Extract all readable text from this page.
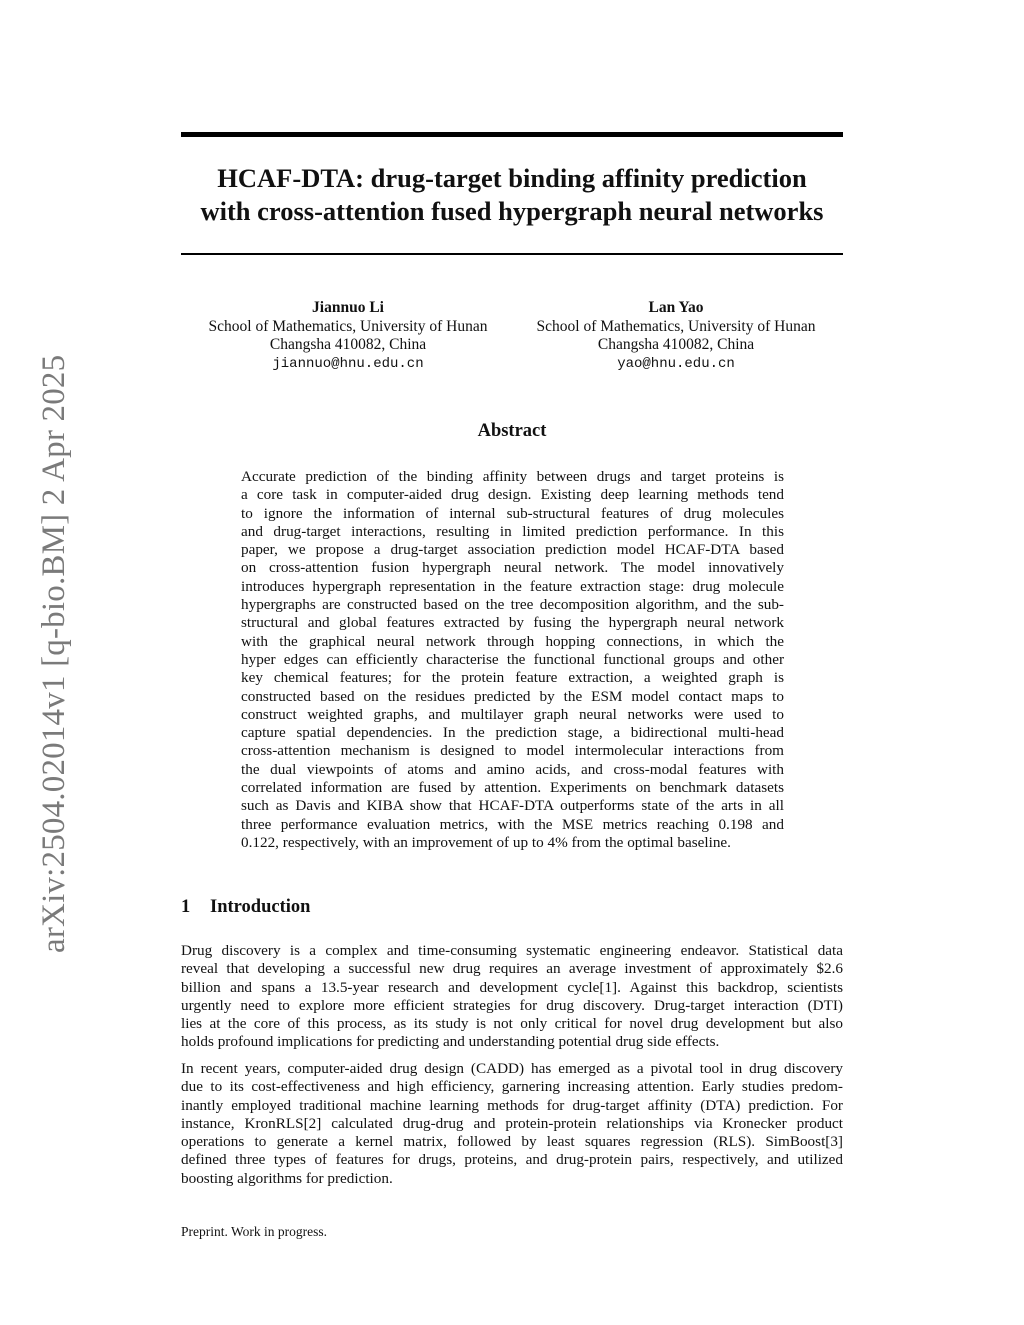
arXiv:2504.02014v1 [q-bio.BM] 2 Apr 2025
HCAF-DTA: drug-target binding affinity prediction
with cross-attention fused hypergraph neural networks
Jiannuo Li
School of Mathematics, University of Hunan
Changsha 410082, China
jiannuo@hnu.edu.cn
Lan Yao
School of Mathematics, University of Hunan
Changsha 410082, China
yao@hnu.edu.cn
Abstract
Accurate prediction of the binding affinity between drugs and target proteins is
a core task in computer-aided drug design. Existing deep learning methods tend
to ignore the information of internal sub-structural features of drug molecules
and drug-target interactions, resulting in limited prediction performance. In this
paper, we propose a drug-target association prediction model HCAF-DTA based
on cross-attention fusion hypergraph neural network. The model innovatively
introduces hypergraph representation in the feature extraction stage: drug molecule
hypergraphs are constructed based on the tree decomposition algorithm, and the sub-
structural and global features extracted by fusing the hypergraph neural network
with the graphical neural network through hopping connections, in which the
hyper edges can efficiently characterise the functional functional groups and other
key chemical features; for the protein feature extraction, a weighted graph is
constructed based on the residues predicted by the ESM model contact maps to
construct weighted graphs, and multilayer graph neural networks were used to
capture spatial dependencies. In the prediction stage, a bidirectional multi-head
cross-attention mechanism is designed to model intermolecular interactions from
the dual viewpoints of atoms and amino acids, and cross-modal features with
correlated information are fused by attention. Experiments on benchmark datasets
such as Davis and KIBA show that HCAF-DTA outperforms state of the arts in all
three performance evaluation metrics, with the MSE metrics reaching 0.198 and
0.122, respectively, with an improvement of up to 4% from the optimal baseline.
1 Introduction
Drug discovery is a complex and time-consuming systematic engineering endeavor. Statistical data
reveal that developing a successful new drug requires an average investment of approximately $2.6
billion and spans a 13.5-year research and development cycle[1]. Against this backdrop, scientists
urgently need to explore more efficient strategies for drug discovery. Drug-target interaction (DTI)
lies at the core of this process, as its study is not only critical for novel drug development but also
holds profound implications for predicting and understanding potential drug side effects.
In recent years, computer-aided drug design (CADD) has emerged as a pivotal tool in drug discovery
due to its cost-effectiveness and high efficiency, garnering increasing attention. Early studies predom-
inantly employed traditional machine learning methods for drug-target affinity (DTA) prediction. For
instance, KronRLS[2] calculated drug-drug and protein-protein relationships via Kronecker product
operations to generate a kernel matrix, followed by least squares regression (RLS). SimBoost[3]
defined three types of features for drugs, proteins, and drug-protein pairs, respectively, and utilized
boosting algorithms for prediction.

Preprint. Work in progress.
